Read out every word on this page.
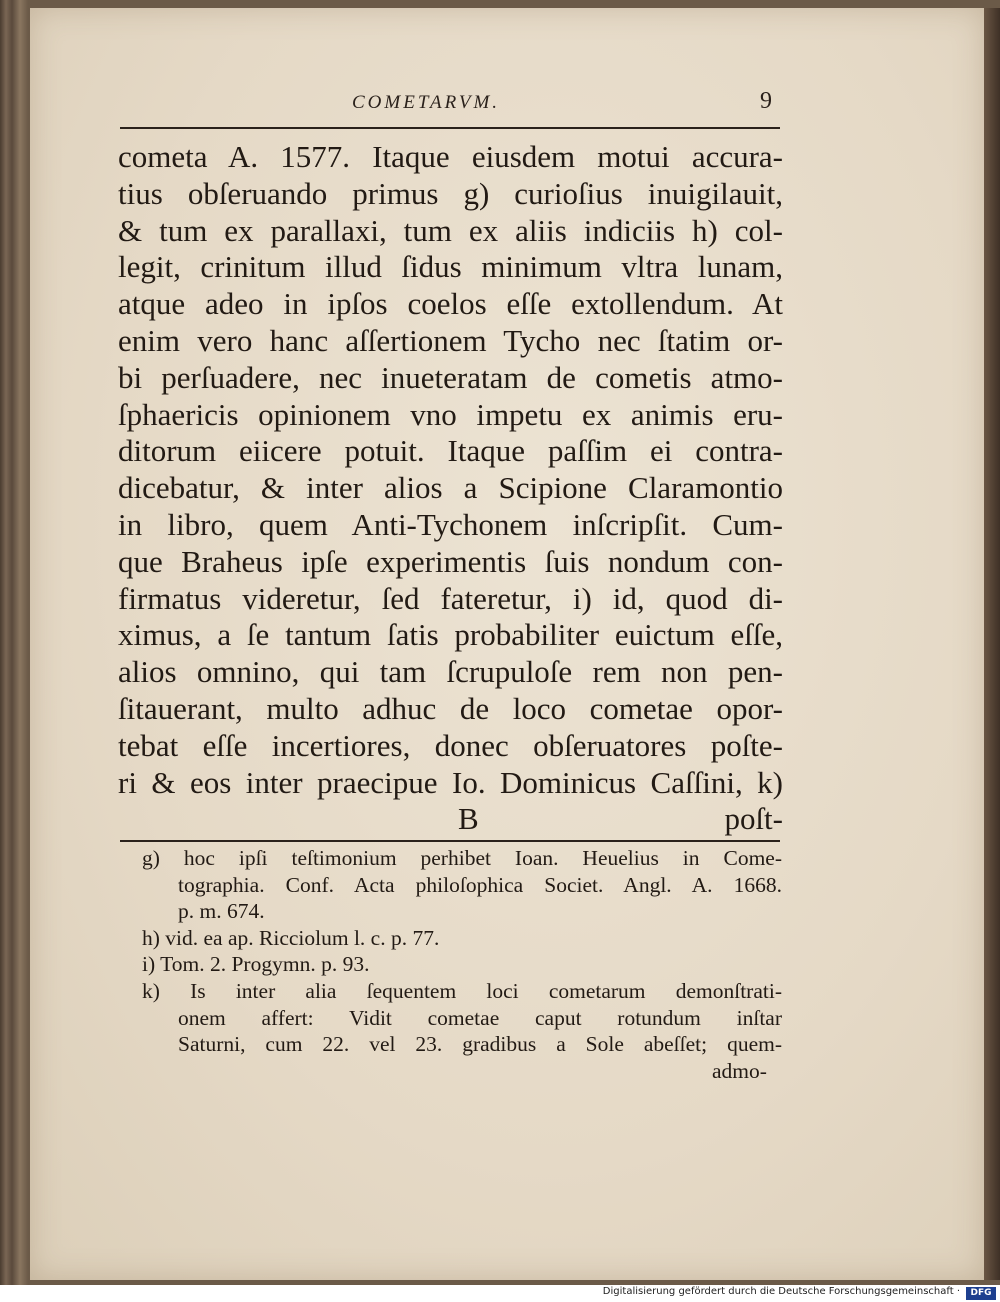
COMETARVM.	9
cometa A. 1577. Itaque eiusdem motui accura-
tius obſeruando primus g) curioſius inuigilauit,
& tum ex parallaxi, tum ex aliis indiciis h) col-
legit, crinitum illud ſidus minimum vltra lunam,
atque adeo in ipſos coelos eſſe extollendum. At
enim vero hanc aſſertionem Tycho nec ſtatim or-
bi perſuadere, nec inueteratam de cometis atmo-
ſphaericis opinionem vno impetu ex animis eru-
ditorum eiicere potuit. Itaque paſſim ei contra-
dicebatur, & inter alios a Scipione Claramontio
in libro, quem Anti-Tychonem inſcripſit. Cum-
que Braheus ipſe experimentis ſuis nondum con-
firmatus videretur, ſed fateretur, i) id, quod di-
ximus, a ſe tantum ſatis probabiliter euictum eſſe,
alios omnino, qui tam ſcrupuloſe rem non pen-
ſitauerant, multo adhuc de loco cometae opor-
tebat eſſe incertiores, donec obſeruatores poſte-
ri & eos inter praecipue Io. Dominicus Caſſini, k)
B	poſt-
g) hoc ipſi teſtimonium perhibet Ioan. Heuelius in Come-
tographia. Conf. Acta philoſophica Societ. Angl. A. 1668.
p. m. 674.
h) vid. ea ap. Ricciolum l. c. p. 77.
i) Tom. 2. Progymn. p. 93.
k) Is inter alia ſequentem loci cometarum demonſtrati-
onem affert: Vidit cometae caput rotundum inſtar
Saturni, cum 22. vel 23. gradibus a Sole abeſſet; quem-
admo-
Digitalisierung gefördert durch die Deutsche Forschungsgemeinschaft ·	DFG
